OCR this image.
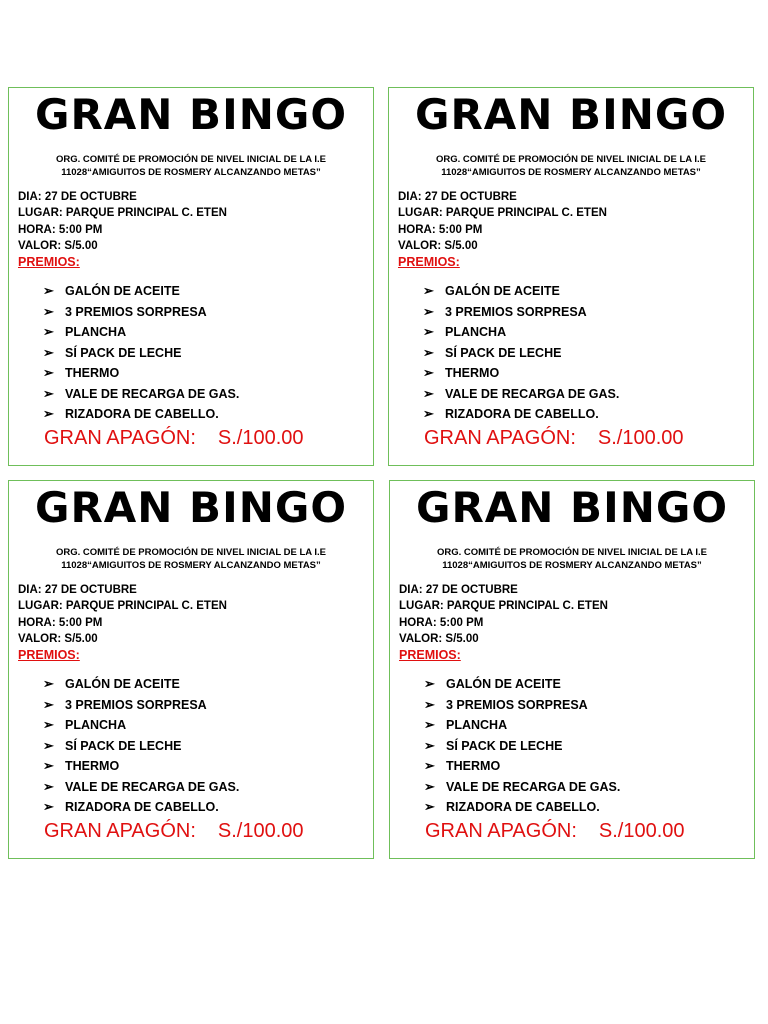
GRAN BINGO
ORG. COMITÉ DE PROMOCIÓN DE NIVEL INICIAL DE LA I.E
11028“AMIGUITOS DE ROSMERY ALCANZANDO METAS”
DIA: 27 DE OCTUBRE
LUGAR: PARQUE PRINCIPAL C. ETEN
HORA: 5:00 PM
VALOR: S/5.00
PREMIOS:
➢ GALÓN DE ACEITE
➢ 3 PREMIOS SORPRESA
➢ PLANCHA
➢ SÍ PACK DE LECHE
➢ THERMO
➢ VALE DE RECARGA DE GAS.
➢ RIZADORA DE CABELLO.
GRAN APAGÓN: S./100.00
GRAN BINGO
ORG. COMITÉ DE PROMOCIÓN DE NIVEL INICIAL DE LA I.E
11028“AMIGUITOS DE ROSMERY ALCANZANDO METAS”
DIA: 27 DE OCTUBRE
LUGAR: PARQUE PRINCIPAL C. ETEN
HORA: 5:00 PM
VALOR: S/5.00
PREMIOS:
➢ GALÓN DE ACEITE
➢ 3 PREMIOS SORPRESA
➢ PLANCHA
➢ SÍ PACK DE LECHE
➢ THERMO
➢ VALE DE RECARGA DE GAS.
➢ RIZADORA DE CABELLO.
GRAN APAGÓN: S./100.00
GRAN BINGO
ORG. COMITÉ DE PROMOCIÓN DE NIVEL INICIAL DE LA I.E
11028“AMIGUITOS DE ROSMERY ALCANZANDO METAS”
DIA: 27 DE OCTUBRE
LUGAR: PARQUE PRINCIPAL C. ETEN
HORA: 5:00 PM
VALOR: S/5.00
PREMIOS:
➢ GALÓN DE ACEITE
➢ 3 PREMIOS SORPRESA
➢ PLANCHA
➢ SÍ PACK DE LECHE
➢ THERMO
➢ VALE DE RECARGA DE GAS.
➢ RIZADORA DE CABELLO.
GRAN APAGÓN: S./100.00
GRAN BINGO
ORG. COMITÉ DE PROMOCIÓN DE NIVEL INICIAL DE LA I.E
11028“AMIGUITOS DE ROSMERY ALCANZANDO METAS”
DIA: 27 DE OCTUBRE
LUGAR: PARQUE PRINCIPAL C. ETEN
HORA: 5:00 PM
VALOR: S/5.00
PREMIOS:
➢ GALÓN DE ACEITE
➢ 3 PREMIOS SORPRESA
➢ PLANCHA
➢ SÍ PACK DE LECHE
➢ THERMO
➢ VALE DE RECARGA DE GAS.
➢ RIZADORA DE CABELLO.
GRAN APAGÓN: S./100.00
